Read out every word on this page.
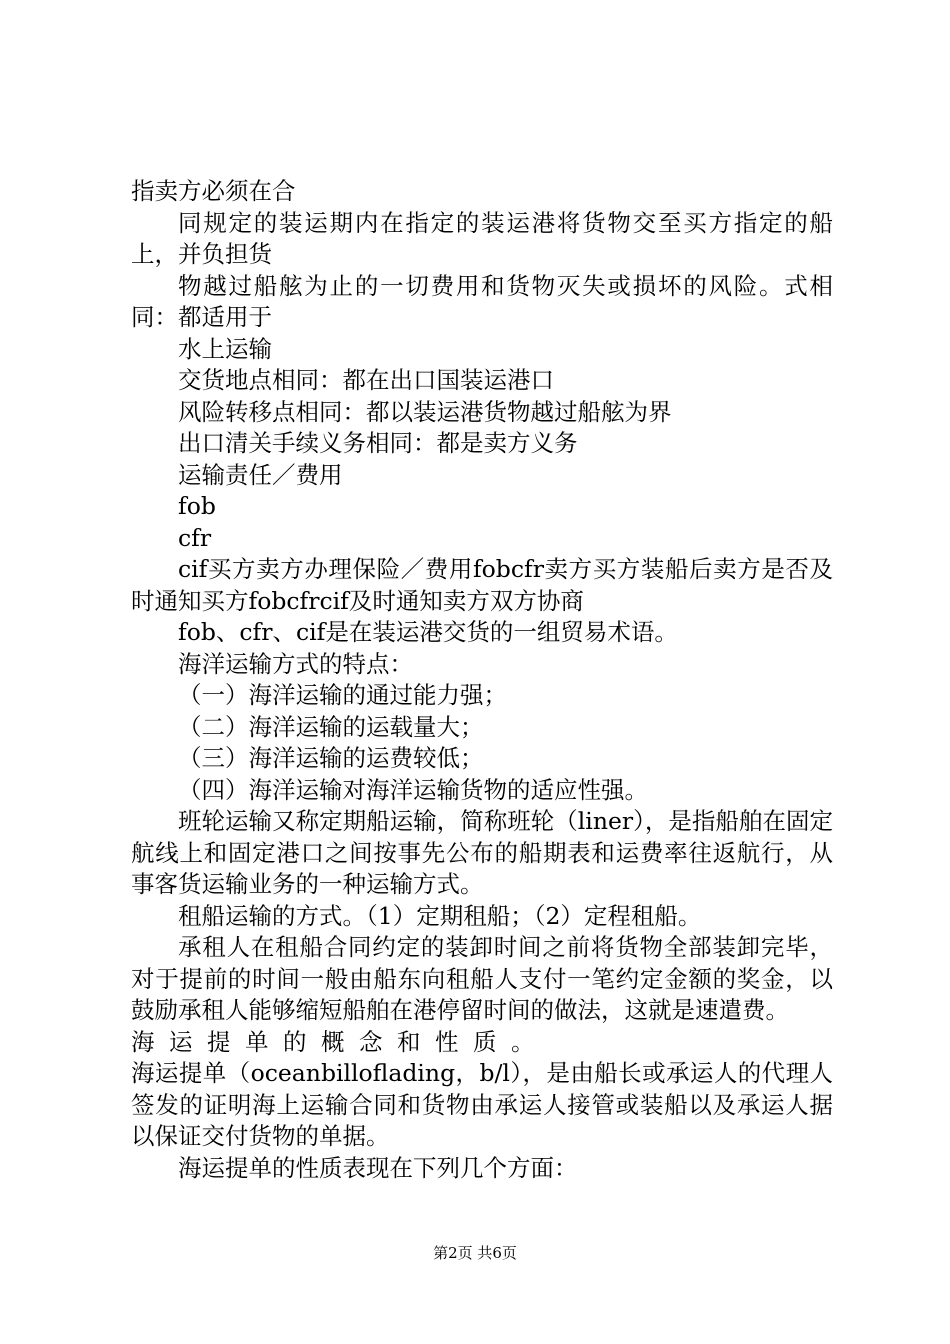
指卖方必须在合

同规定的装运期内在指定的装运港将货物交至买方指定的船上，并负担货

物越过船舷为止的一切费用和货物灭失或损坏的风险。式相同：都适用于

水上运输

交货地点相同：都在出口国装运港口

风险转移点相同：都以装运港货物越过船舷为界

出口清关手续义务相同：都是卖方义务

运输责任／费用

fob

cfr

cif买方卖方办理保险／费用fobcfr卖方买方装船后卖方是否及时通知买方fobcfrcif及时通知卖方双方协商

fob、cfr、cif是在装运港交货的一组贸易术语。

海洋运输方式的特点：

（一）海洋运输的通过能力强；

（二）海洋运输的运载量大；

（三）海洋运输的运费较低；

（四）海洋运输对海洋运输货物的适应性强。

班轮运输又称定期船运输，简称班轮（liner），是指船舶在固定航线上和固定港口之间按事先公布的船期表和运费率往返航行，从事客货运输业务的一种运输方式。

租船运输的方式。（1）定期租船；（2）定程租船。

承租人在租船合同约定的装卸时间之前将货物全部装卸完毕，对于提前的时间一般由船东向租船人支付一笔约定金额的奖金，以鼓励承租人能够缩短船舶在港停留时间的做法，这就是速遣费。

海运提单的概念和性质。

海运提单（oceanbilloflading，b/l），是由船长或承运人的代理人签发的证明海上运输合同和货物由承运人接管或装船以及承运人据以保证交付货物的单据。

海运提单的性质表现在下列几个方面：

第2页 共6页
